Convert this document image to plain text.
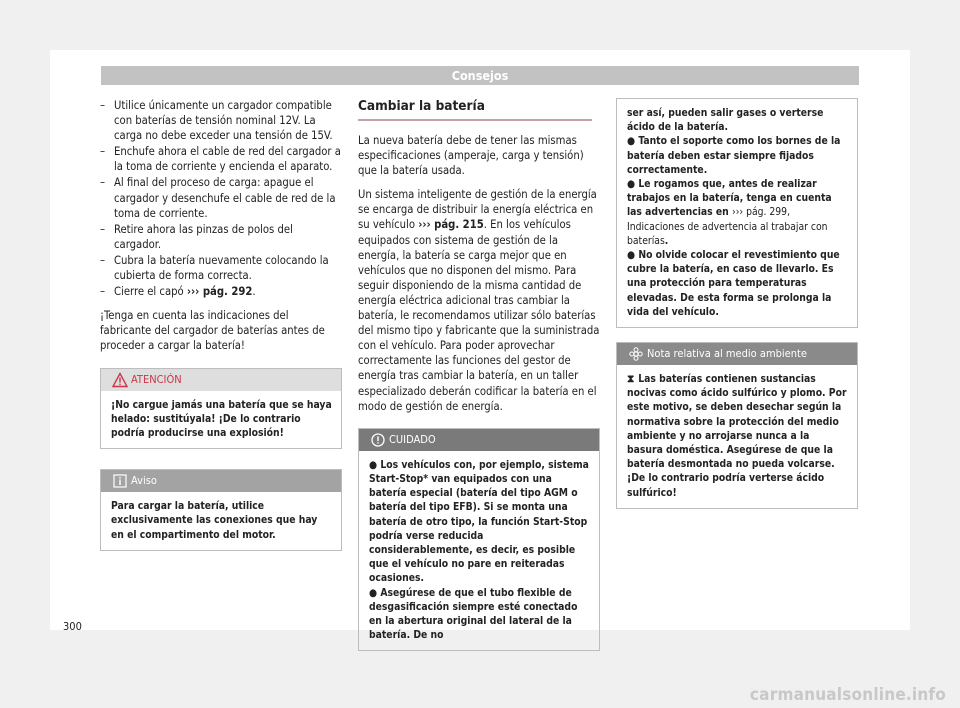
Consejos
– Utilice únicamente un cargador compatible con baterías de tensión nominal 12V. La carga no debe exceder una tensión de 15V.
– Enchufe ahora el cable de red del cargador a la toma de corriente y encienda el aparato.
– Al final del proceso de carga: apague el cargador y desenchufe el cable de red de la toma de corriente.
– Retire ahora las pinzas de polos del cargador.
– Cubra la batería nuevamente colocando la cubierta de forma correcta.
– Cierre el capó ››› pág. 292.

¡Tenga en cuenta las indicaciones del fabricante del cargador de baterías antes de proceder a cargar la batería!

ATENCIÓN

¡No cargue jamás una batería que se haya helado: sustitúyala! ¡De lo contrario podría producirse una explosión!

Aviso

Para cargar la batería, utilice exclusivamente las conexiones que hay en el compartimento del motor.

Cambiar la batería

La nueva batería debe de tener las mismas especificaciones (amperaje, carga y tensión) que la batería usada.

Un sistema inteligente de gestión de la energía se encarga de distribuir la energía eléctrica en su vehículo ››› pág. 215. En los vehículos equipados con sistema de gestión de la energía, la batería se carga mejor que en vehículos que no disponen del mismo. Para seguir disponiendo de la misma cantidad de energía eléctrica adicional tras cambiar la batería, le recomendamos utilizar sólo baterías del mismo tipo y fabricante que la suministrada con el vehículo. Para poder aprovechar correctamente las funciones del gestor de energía tras cambiar la batería, en un taller especializado deberán codificar la batería en el modo de gestión de energía.

CUIDADO

● Los vehículos con, por ejemplo, sistema Start-Stop* van equipados con una batería especial (batería del tipo AGM o batería del tipo EFB). Si se monta una batería de otro tipo, la función Start-Stop podría verse reducida considerablemente, es decir, es posible que el vehículo no pare en reiteradas ocasiones.

● Asegúrese de que el tubo flexible de desgasificación siempre esté conectado en la abertura original del lateral de la batería. De no

ser así, pueden salir gases o verterse ácido de la batería.

● Tanto el soporte como los bornes de la batería deben estar siempre fijados correctamente.

● Le rogamos que, antes de realizar trabajos en la batería, tenga en cuenta las advertencias en ››› pág. 299, Indicaciones de advertencia al trabajar con baterías.

● No olvide colocar el revestimiento que cubre la batería, en caso de llevarlo. Es una protección para temperaturas elevadas. De esta forma se prolonga la vida del vehículo.

Nota relativa al medio ambiente

⧗ Las baterías contienen sustancias nocivas como ácido sulfúrico y plomo. Por este motivo, se deben desechar según la normativa sobre la protección del medio ambiente y no arrojarse nunca a la basura doméstica. Asegúrese de que la batería desmontada no pueda volcarse. ¡De lo contrario podría verterse ácido sulfúrico!

300
carmanualsonline.info
